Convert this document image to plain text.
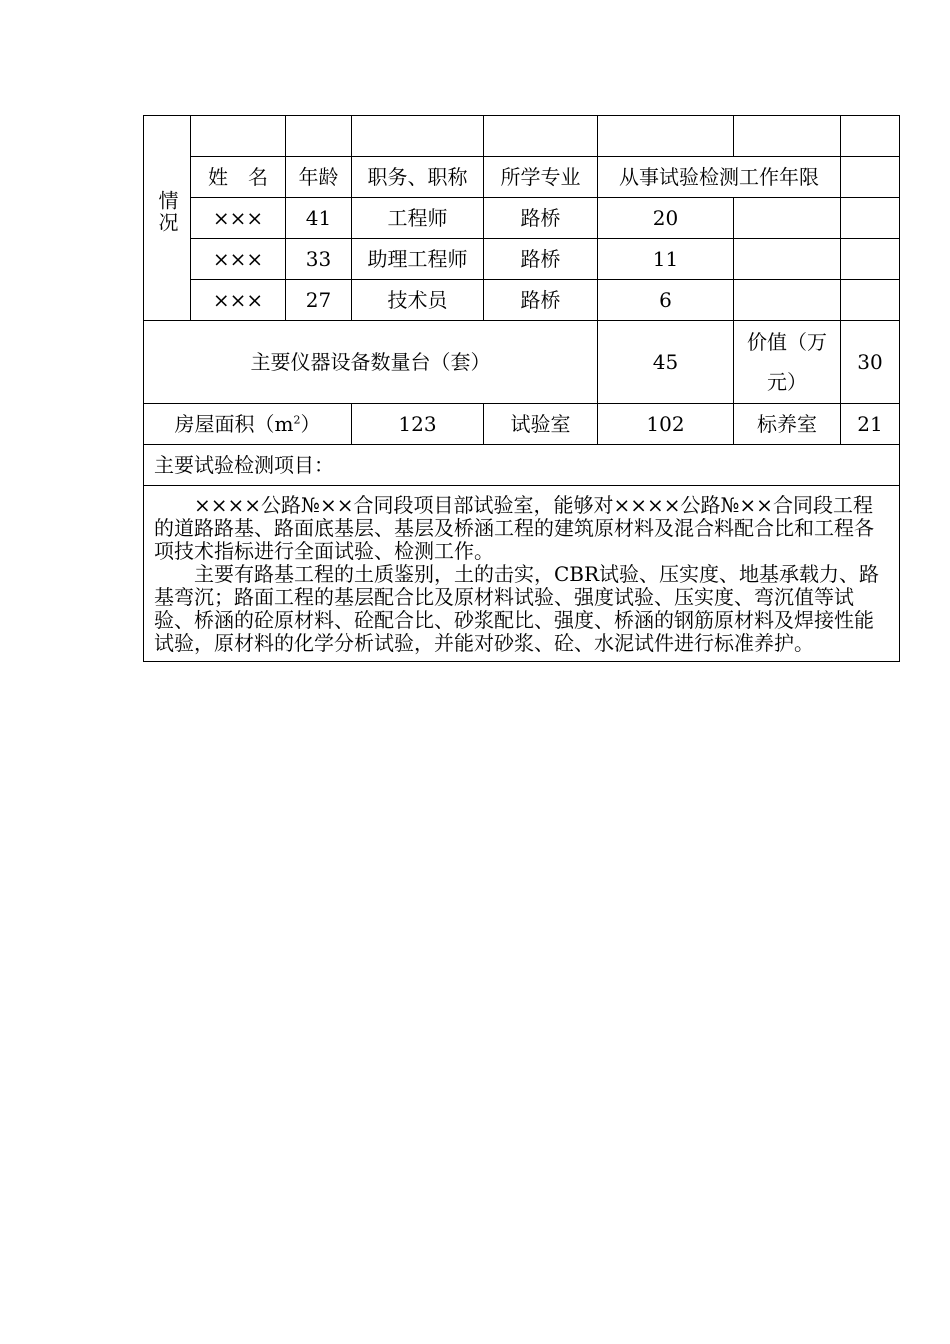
情况								

	姓　名	年龄	职务、职称	所学专业	从事试验检测工作年限			
	×××	41	工程师	路桥	20			
	×××	33	助理工程师	路桥	11			
	×××	27	技术员	路桥	6			
主要仪器设备数量台（套）					45	价值（万
元）	30	
房屋面积$(m^2)$			123	试验室	102	标养室	21	
主要试验检测项目：								

××××公路№××合同段项目部试验室，能够对××××公路№××合同段工程的道路路基、路面底基层、基层及桥涵工程的建筑原材料及混合料配合比和工程各项技术指标进行全面试验、检测工作。

主要有路基工程的土质鉴别，土的击实，CBR试验、压实度、地基承载力、路基弯沉；路面工程的基层配合比及原材料试验、强度试验、压实度、弯沉值等试验、桥涵的砼原材料、砼配合比、砂浆配比、强度、桥涵的钢筋原材料及焊接性能试验，原材料的化学分析试验，并能对砂浆、砼、水泥试件进行标准养护。								
